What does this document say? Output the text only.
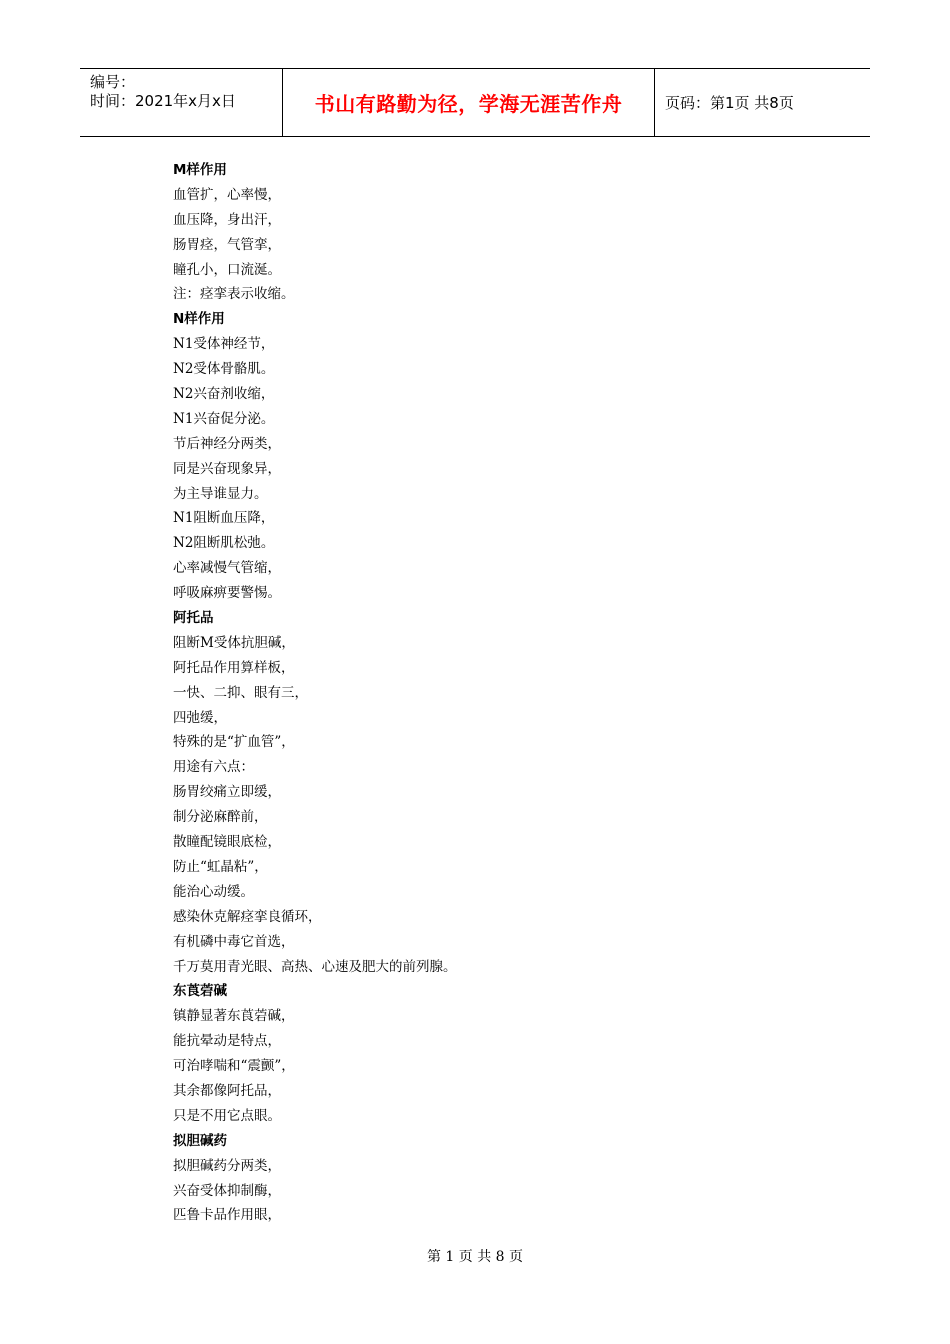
编号：
时间：2021年x月x日	书山有路勤为径，学海无涯苦作舟	页码：第1页 共8页
M样作用
血管扩，心率慢，
血压降，身出汗，
肠胃痉，气管挛，
瞳孔小，口流涎。
注：痉挛表示收缩。
N样作用
N1受体神经节，
N2受体骨骼肌。
N2兴奋剂收缩，
N1兴奋促分泌。
节后神经分两类，
同是兴奋现象异，
为主导谁显力。
N1阻断血压降，
N2阻断肌松弛。
心率减慢气管缩，
呼吸麻痹要警惕。
阿托品
阻断M受体抗胆碱，
阿托品作用算样板，
一快、二抑、眼有三，
四弛缓，
特殊的是“扩血管”，
用途有六点：
肠胃绞痛立即缓，
制分泌麻醉前，
散瞳配镜眼底检，
防止“虹晶粘”，
能治心动缓。
感染休克解痉挛良循环，
有机磷中毒它首选，
千万莫用青光眼、高热、心速及肥大的前列腺。
东莨菪碱
镇静显著东莨菪碱，
能抗晕动是特点，
可治哮喘和“震颤”，
其余都像阿托品，
只是不用它点眼。
拟胆碱药
拟胆碱药分两类，
兴奋受体抑制酶，
匹鲁卡品作用眼，
第 1 页 共 8 页
